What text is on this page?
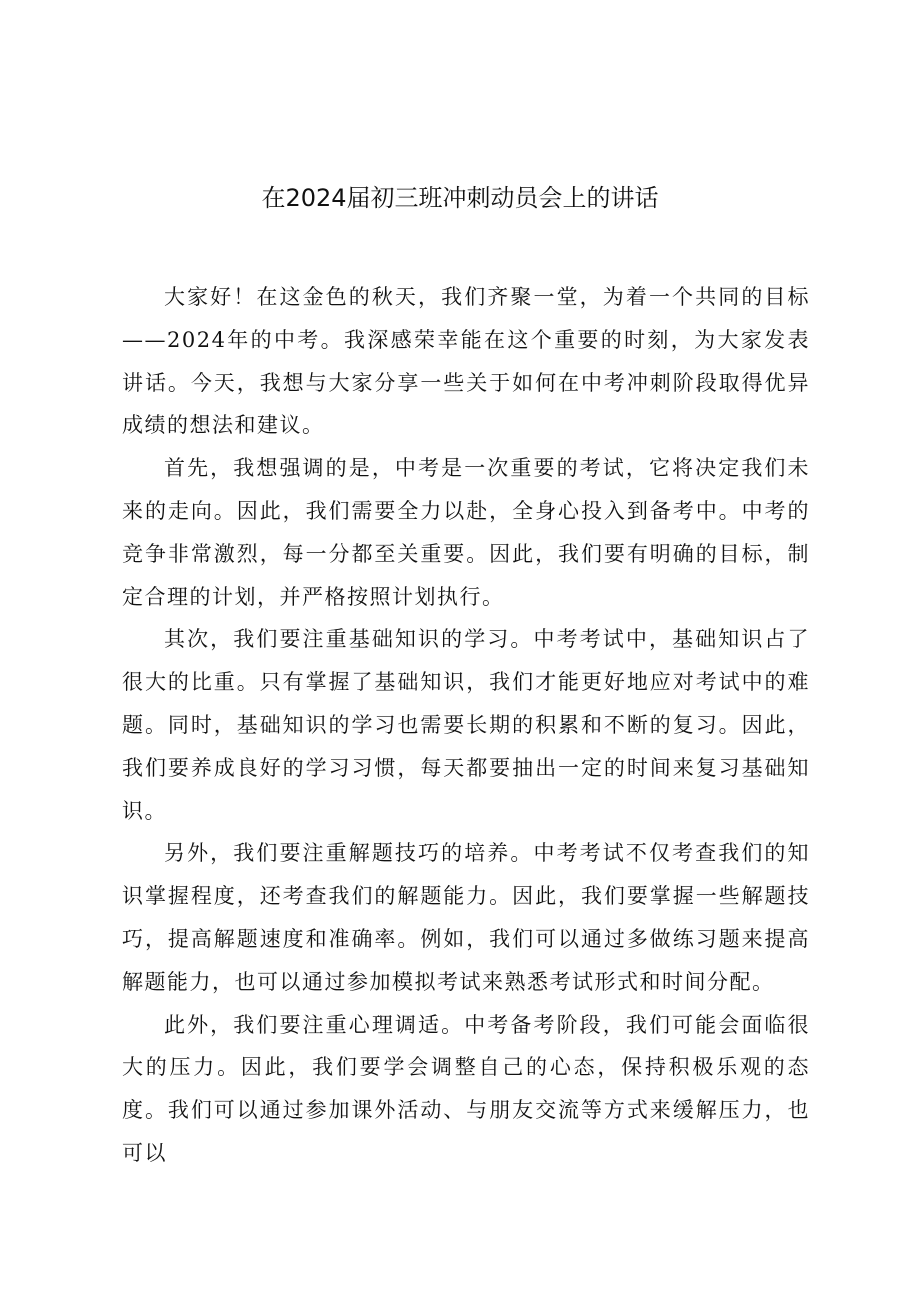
在2024届初三班冲刺动员会上的讲话

大家好！在这金色的秋天，我们齐聚一堂，为着一个共同的目标——2024年的中考。我深感荣幸能在这个重要的时刻，为大家发表讲话。今天，我想与大家分享一些关于如何在中考冲刺阶段取得优异成绩的想法和建议。

首先，我想强调的是，中考是一次重要的考试，它将决定我们未来的走向。因此，我们需要全力以赴，全身心投入到备考中。中考的竞争非常激烈，每一分都至关重要。因此，我们要有明确的目标，制定合理的计划，并严格按照计划执行。

其次，我们要注重基础知识的学习。中考考试中，基础知识占了很大的比重。只有掌握了基础知识，我们才能更好地应对考试中的难题。同时，基础知识的学习也需要长期的积累和不断的复习。因此，我们要养成良好的学习习惯，每天都要抽出一定的时间来复习基础知识。

另外，我们要注重解题技巧的培养。中考考试不仅考查我们的知识掌握程度，还考查我们的解题能力。因此，我们要掌握一些解题技巧，提高解题速度和准确率。例如，我们可以通过多做练习题来提高解题能力，也可以通过参加模拟考试来熟悉考试形式和时间分配。

此外，我们要注重心理调适。中考备考阶段，我们可能会面临很大的压力。因此，我们要学会调整自己的心态，保持积极乐观的态度。我们可以通过参加课外活动、与朋友交流等方式来缓解压力，也可以
